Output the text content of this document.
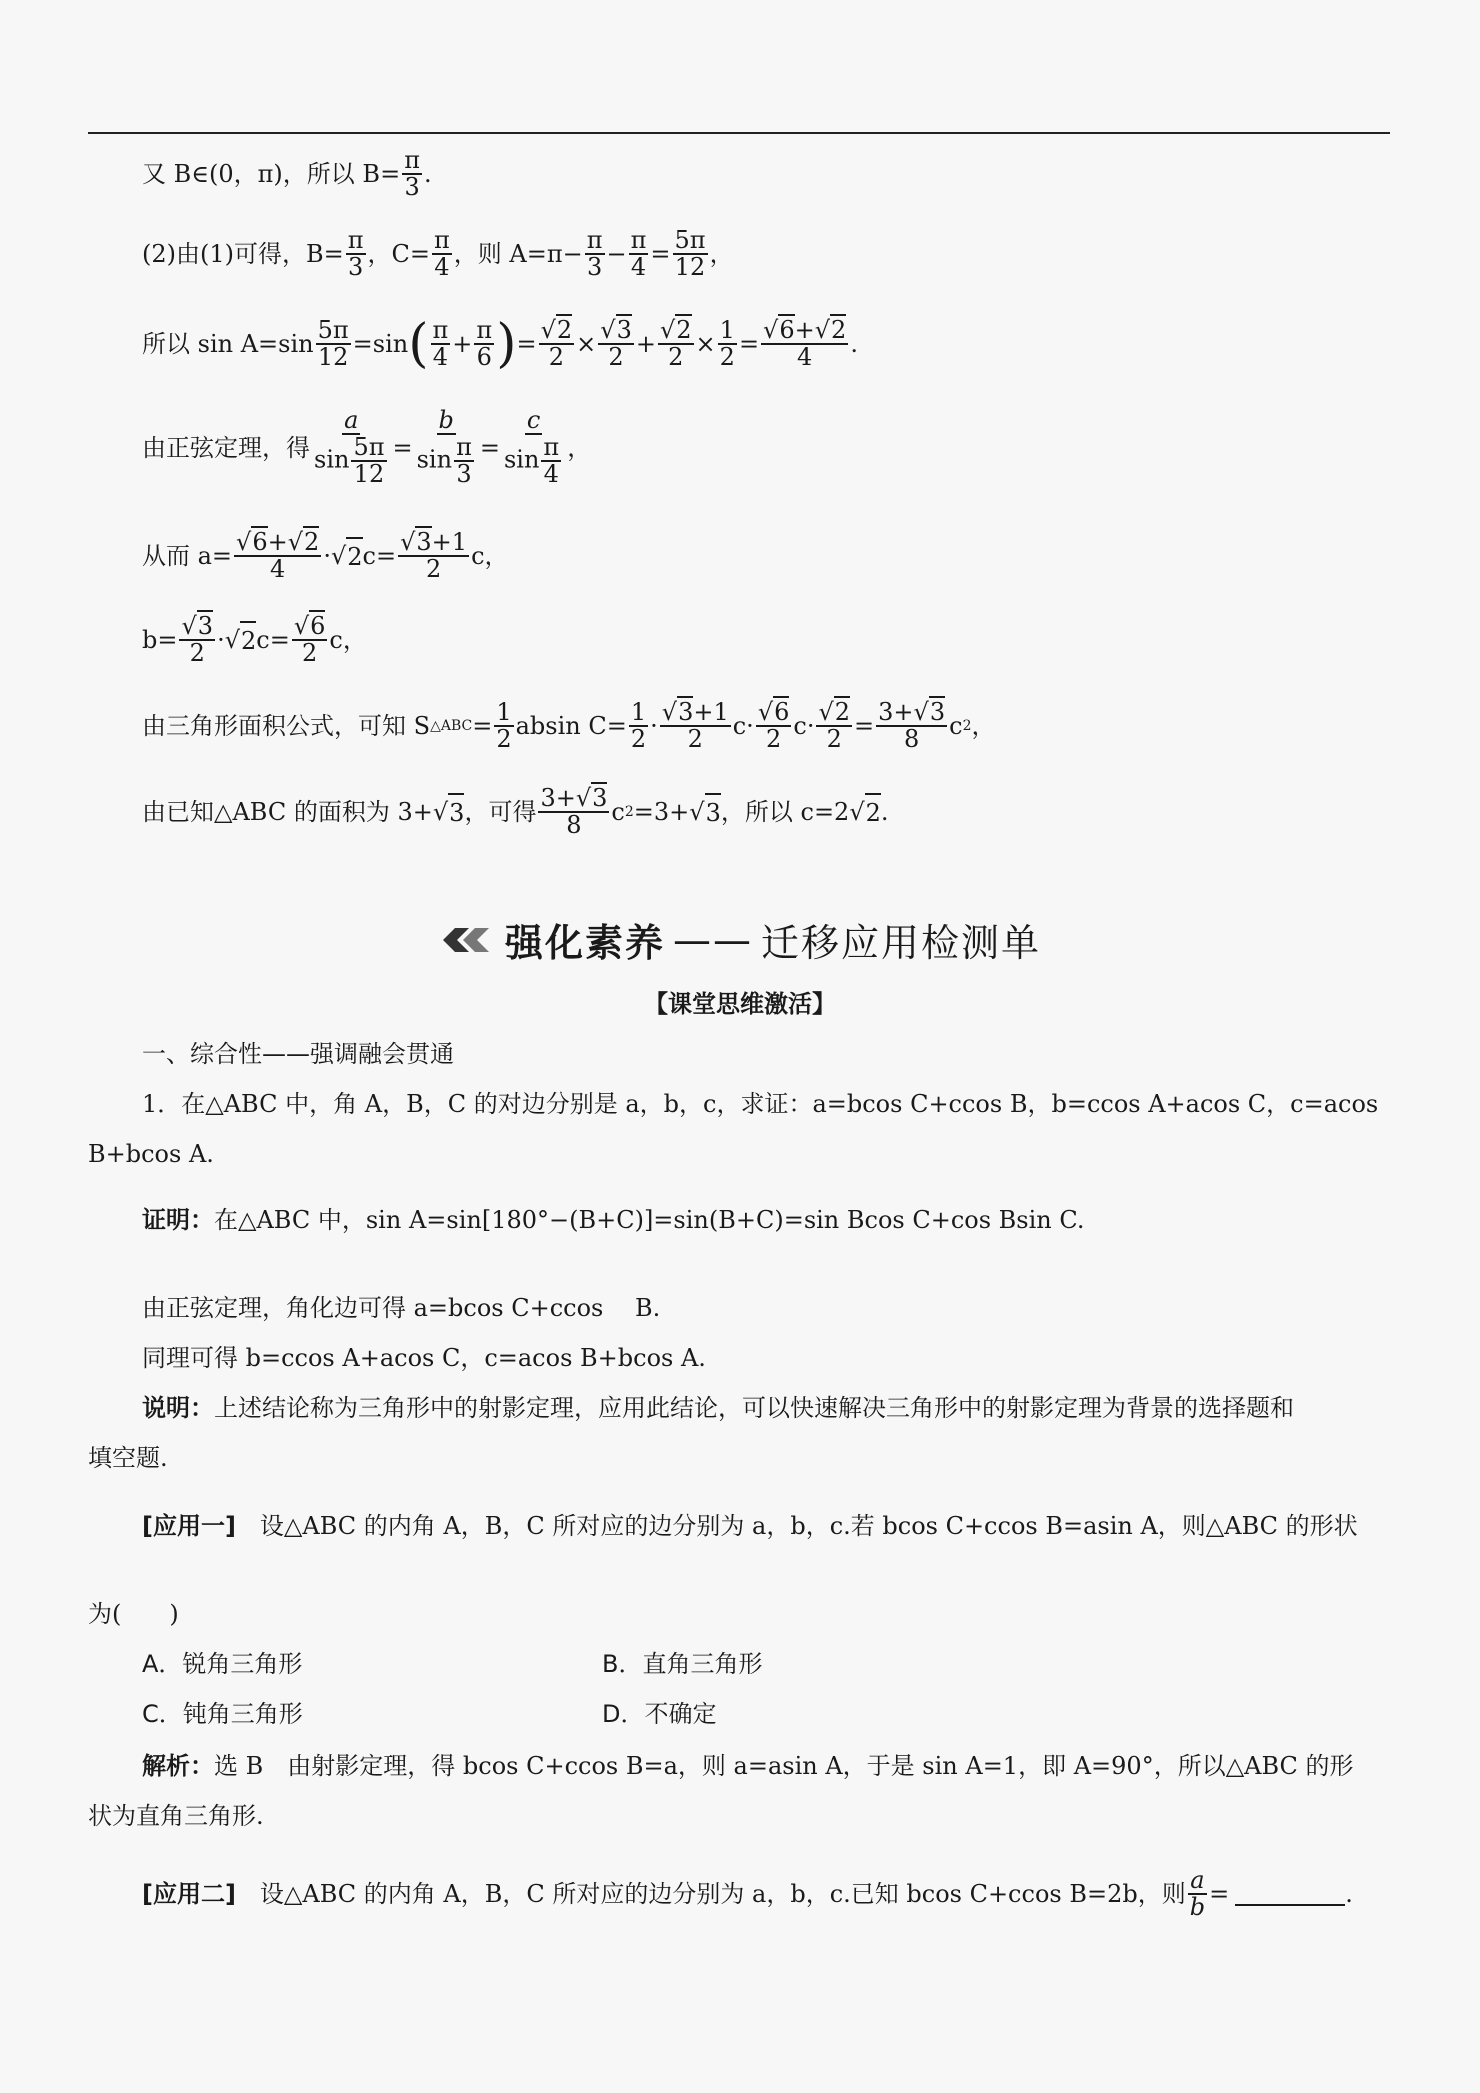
又 B∈(0，π)，所以 $B= \frac{\pi}{3}$ .
(2)由(1)可得，$B= \frac{\pi}{3}$ ，$C= \frac{\pi}{4}$ ，则 $A=\pi- \frac{\pi}{3} - \frac{\pi}{4} = \frac{5\pi}{12}$ ，
所以 $\sin A=\sin \frac{5\pi}{12} =\sin$ ( $\frac{\pi}{4} + \frac{\pi}{6}$ ) = √ $\frac{2}{2}$ × √ $\frac{3}{2}$ + √ $\frac{2}{2} \times \frac{1}{2}$ = √ $\frac{6+ √ 2}{4}$ .
由正弦定理，得 $\frac{a}{\sin \frac{5\pi}{12}} = \frac{b}{\sin \frac{\pi}{3}} = \frac{c}{\sin \frac{\pi}{4}}$ ，
从而 a= √ $\frac{6+ √ 2}{4}$ · √ 2 c= √ $\frac{3+1}{2}$ c，
b= √ $\frac{3}{2}$ · √ 2 c= √ $\frac{6}{2}$ c，
由三角形面积公式，可知 S △ABC = $\frac{1}{2}$ absin $C= \frac{1}{2}$ · √ $\frac{3+1}{2} c\cdot$ √ $\frac{6}{2} c\cdot$ √ $\frac{2}{2} = \frac{3+ √ 3}{8}$ c 2 ，
由已知△ABC 的面积为 3+ √ 3 ，可得 $\frac{3+ √ 3}{8}$ c 2 =3+ √ 3 ，所以 c=2 √ 2 .
强化素养 —— 迁移应用检测单
【课堂思维激活】
一、综合性——强调融会贯通
1．在△ABC 中，角 A，B，C 的对边分别是 a，b，c，求证：a=bcos C+ccos B，b=ccos A+acos C，c=acos
B+bcos A.
证明： 在△ABC 中，sin A=sin[180°−(B+C)]=sin(B+C)=sin Bcos C+cos Bsin C.
由正弦定理，角化边可得 a=bcos C+ccos　 B.
同理可得 b=ccos A+acos C，c=acos B+bcos A.
说明： 上述结论称为三角形中的射影定理，应用此结论，可以快速解决三角形中的射影定理为背景的选择题和
填空题.
[应用一] 　设△ABC 的内角 A，B，C 所对应的边分别为 a，b，c.若 bcos C+ccos B=asin A，则△ABC 的形状
为(　　)
A．锐角三角形	B．直角三角形
C．钝角三角形	D．不确定
解析： 选 B　由射影定理，得 bcos C+ccos B=a，则 a=asin A，于是 sin A=1，即 A=90°，所以△ABC 的形
状为直角三角形.
[应用二] 　设△ABC 的内角 A，B，C 所对应的边分别为 a，b，c.已知 bcos C+ccos B=2b，则 $\frac{a}{b}$ =	.
